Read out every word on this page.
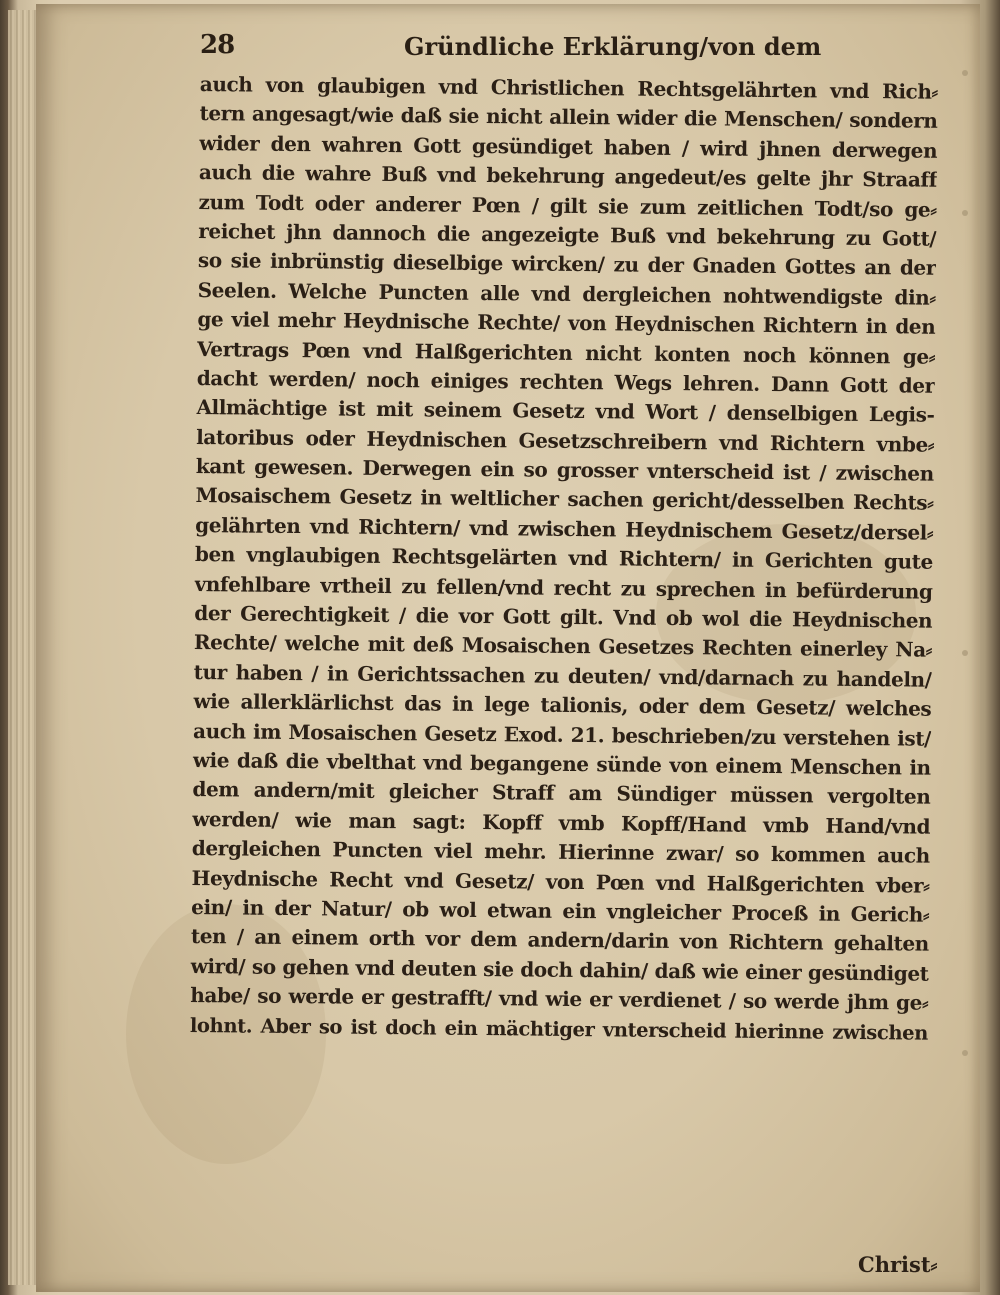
28	Gründliche Erklärung/von dem
auch von glaubigen vnd Christlichen Rechtsgelährten vnd Rich⸗
tern angesagt/wie daß sie nicht allein wider die Menschen/ sondern
wider den wahren Gott gesündiget haben / wird jhnen derwegen
auch die wahre Buß vnd bekehrung angedeut/es gelte jhr Straaff
zum Todt oder anderer Pœn / gilt sie zum zeitlichen Todt/so ge⸗
reichet jhn dannoch die angezeigte Buß vnd bekehrung zu Gott/
so sie inbrünstig dieselbige wircken/ zu der Gnaden Gottes an der
Seelen. Welche Puncten alle vnd dergleichen nohtwendigste din⸗
ge viel mehr Heydnische Rechte/ von Heydnischen Richtern in den
Vertrags Pœn vnd Halßgerichten nicht konten noch können ge⸗
dacht werden/ noch einiges rechten Wegs lehren. Dann Gott der
Allmächtige ist mit seinem Gesetz vnd Wort / denselbigen Legis-
latoribus oder Heydnischen Gesetzschreibern vnd Richtern vnbe⸗
kant gewesen. Derwegen ein so grosser vnterscheid ist / zwischen
Mosaischem Gesetz in weltlicher sachen gericht/desselben Rechts⸗
gelährten vnd Richtern/ vnd zwischen Heydnischem Gesetz/dersel⸗
ben vnglaubigen Rechtsgelärten vnd Richtern/ in Gerichten gute
vnfehlbare vrtheil zu fellen/vnd recht zu sprechen in befürderung
der Gerechtigkeit / die vor Gott gilt. Vnd ob wol die Heydnischen
Rechte/ welche mit deß Mosaischen Gesetzes Rechten einerley Na⸗
tur haben / in Gerichtssachen zu deuten/ vnd/darnach zu handeln/
wie allerklärlichst das in lege talionis, oder dem Gesetz/ welches
auch im Mosaischen Gesetz Exod. 21. beschrieben/zu verstehen ist/
wie daß die vbelthat vnd begangene sünde von einem Menschen in
dem andern/mit gleicher Straff am Sündiger müssen vergolten
werden/ wie man sagt: Kopff vmb Kopff/Hand vmb Hand/vnd
dergleichen Puncten viel mehr. Hierinne zwar/ so kommen auch
Heydnische Recht vnd Gesetz/ von Pœn vnd Halßgerichten vber⸗
ein/ in der Natur/ ob wol etwan ein vngleicher Proceß in Gerich⸗
ten / an einem orth vor dem andern/darin von Richtern gehalten
wird/ so gehen vnd deuten sie doch dahin/ daß wie einer gesündiget
habe/ so werde er gestrafft/ vnd wie er verdienet / so werde jhm ge⸗
lohnt. Aber so ist doch ein mächtiger vnterscheid hierinne zwischen
Christ⸗
